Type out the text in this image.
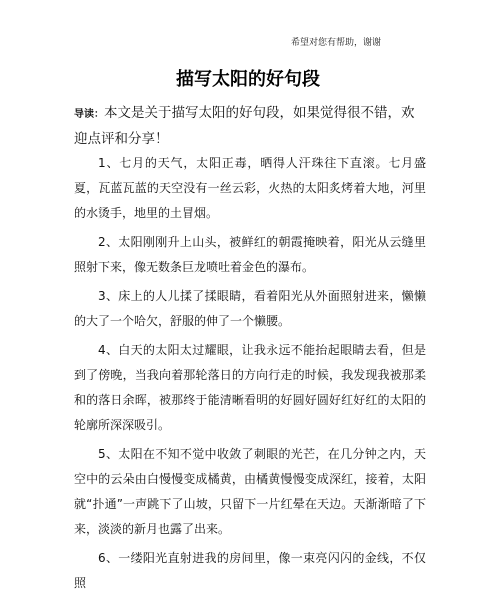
希望对您有帮助，谢谢
描写太阳的好句段
导读：本文是关于描写太阳的好句段，如果觉得很不错，欢迎点评和分享！

1、七月的天气，太阳正毒，晒得人汗珠往下直滚。七月盛夏，瓦蓝瓦蓝的天空没有一丝云彩，火热的太阳炙烤着大地，河里的水烫手，地里的土冒烟。

2、太阳刚刚升上山头，被鲜红的朝霞掩映着，阳光从云缝里照射下来，像无数条巨龙喷吐着金色的瀑布。

3、床上的人儿揉了揉眼睛，看着阳光从外面照射进来，懒懒的大了一个哈欠，舒服的伸了一个懒腰。

4、白天的太阳太过耀眼，让我永远不能抬起眼睛去看，但是到了傍晚，当我向着那轮落日的方向行走的时候，我发现我被那柔和的落日余晖，被那终于能清晰看明的好圆好圆好红好红的太阳的轮廓所深深吸引。

5、太阳在不知不觉中收敛了刺眼的光芒，在几分钟之内，天空中的云朵由白慢慢变成橘黄，由橘黄慢慢变成深红，接着，太阳就“扑通”一声跳下了山坡，只留下一片红晕在天边。天渐渐暗了下来，淡淡的新月也露了出来。

6、一缕阳光直射进我的房间里，像一束亮闪闪的金线，不仅照
